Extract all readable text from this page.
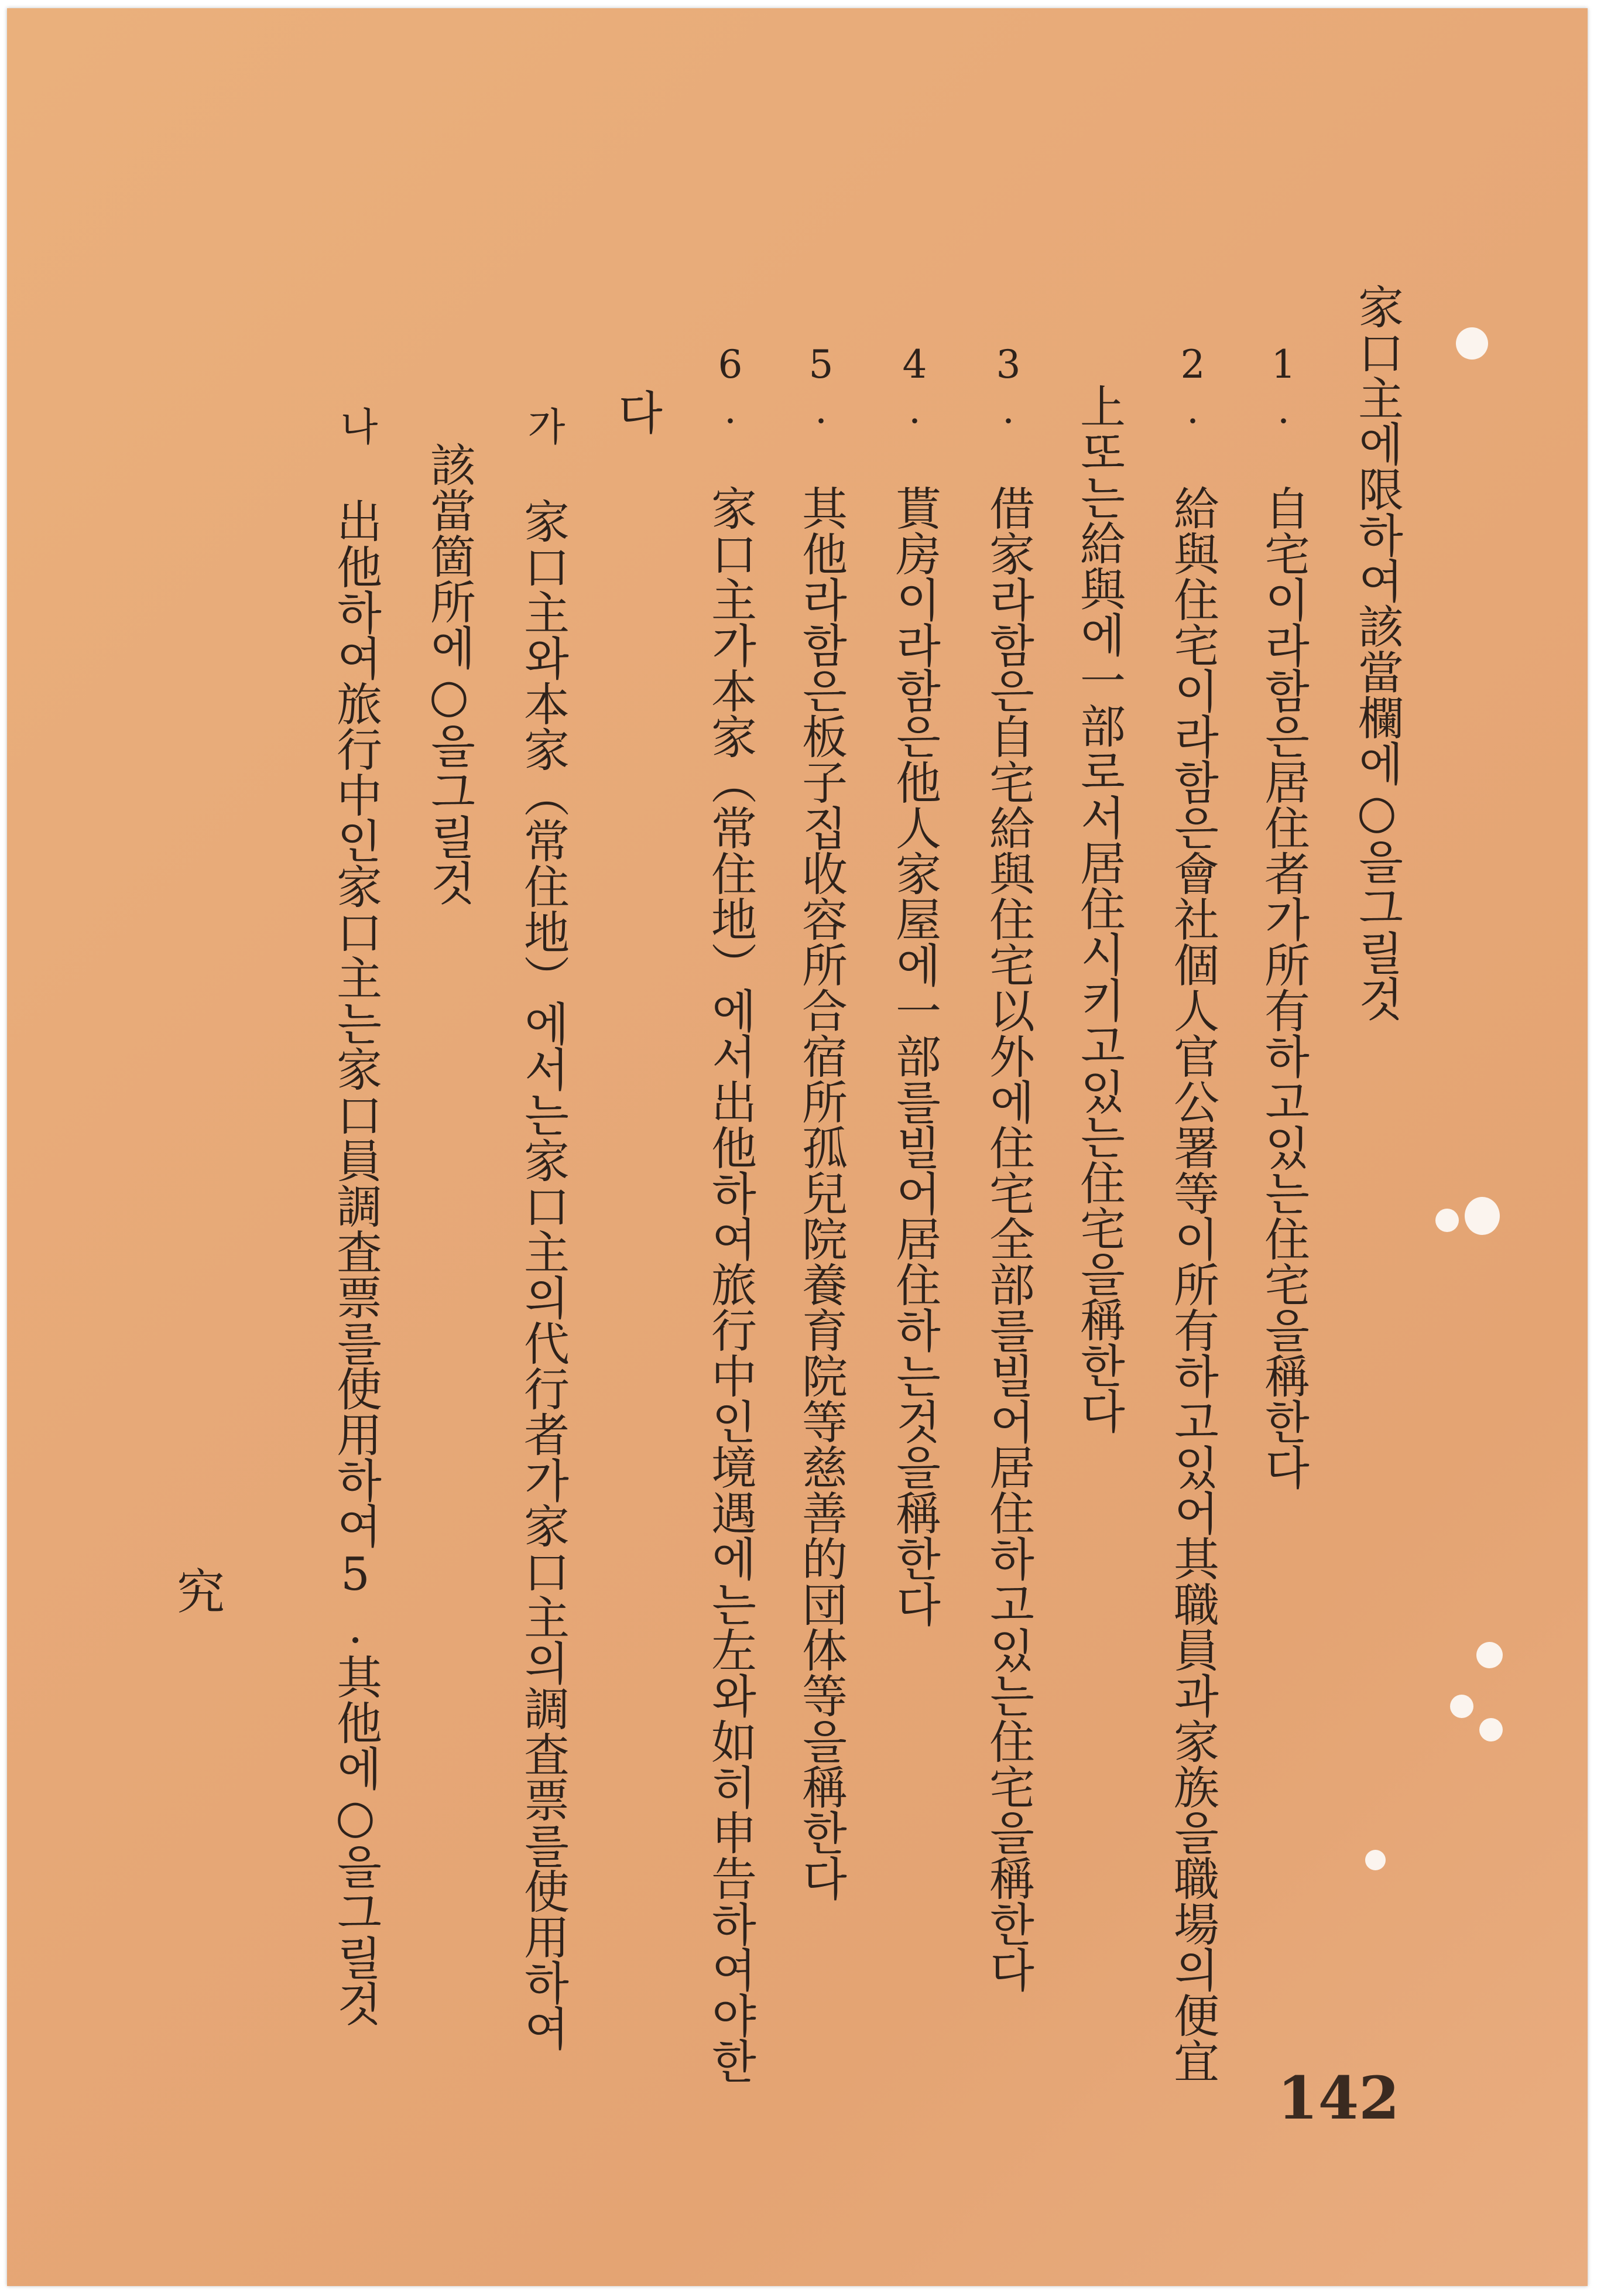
家口主에限하여該當欄에○을그릴것
1. 自宅이라함은居住者가所有하고있는住宅을稱한다
2. 給與住宅이라함은會社個人官公署等이所有하고있어其職員과家族을職場의便宜
上또는給與에一部로서居住시키고있는住宅을稱한다
3. 借家라함은自宅給與住宅以外에住宅全部를빌어居住하고있는住宅을稱한다
4. 貰房이라함은他人家屋에一部를빌어居住하는것을稱한다
5. 其他라함은板子집收容所合宿所孤兒院養育院等慈善的団体等을稱한다
6. 家口主가本家（常住地）에서出他하여旅行中인境遇에는左와如히申告하여야한
다
가 家口主와本家（常住地）에서는家口主의代行者가家口主의調査票를使用하여
該當箇所에○을그릴것
나 出他하여旅行中인家口主는家口員調査票를使用하여5.其他에○을그릴것
究
142
